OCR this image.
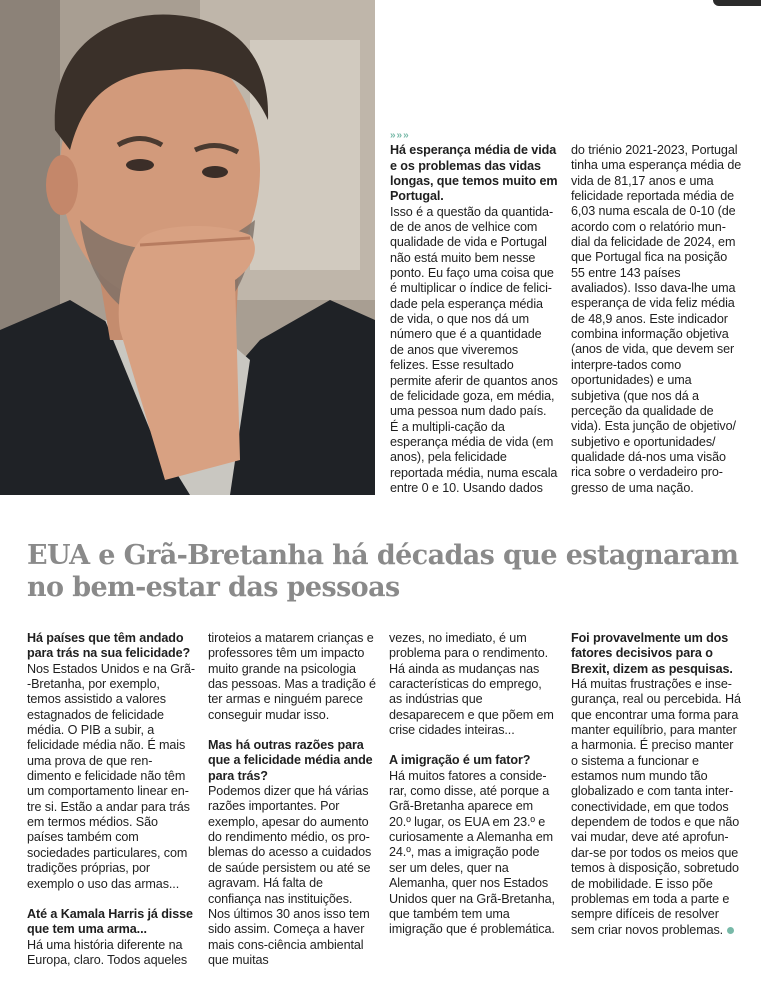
»»»

Há esperança média de vida e os problemas das vidas longas, que temos muito em Portugal.

Isso é a questão da quantida-de de anos de velhice com qualidade de vida e Portugal não está muito bem nesse ponto. Eu faço uma coisa que é multiplicar o índice de felici-dade pela esperança média de vida, o que nos dá um número que é a quantidade de anos que viveremos felizes. Esse resultado permite aferir de quantos anos de felicidade goza, em média, uma pessoa num dado país. É a multipli-cação da esperança média de vida (em anos), pela felicidade reportada média, numa escala entre 0 e 10. Usando dados

do triénio 2021-2023, Portugal tinha uma esperança média de vida de 81,17 anos e uma felicidade reportada média de 6,03 numa escala de 0-10 (de acordo com o relatório mun-dial da felicidade de 2024, em que Portugal fica na posição 55 entre 143 países avaliados). Isso dava-lhe uma esperança de vida feliz média de 48,9 anos. Este indicador combina informação objetiva (anos de vida, que devem ser interpre-tados como oportunidades) e uma subjetiva (que nos dá a perceção da qualidade de vida). Esta junção de objetivo/ subjetivo e oportunidades/ qualidade dá-nos uma visão rica sobre o verdadeiro pro-gresso de uma nação.

EUA e Grã-Bretanha há décadas que estagnaram no bem-estar das pessoas

Há países que têm andado para trás na sua felicidade?

Nos Estados Unidos e na Grã--Bretanha, por exemplo, temos assistido a valores estagnados de felicidade média. O PIB a subir, a felicidade média não. É mais uma prova de que ren-dimento e felicidade não têm um comportamento linear en-tre si. Estão a andar para trás em termos médios. São países também com sociedades particulares, com tradições próprias, por exemplo o uso das armas...

Até a Kamala Harris já disse que tem uma arma...

Há uma história diferente na Europa, claro. Todos aqueles

tiroteios a matarem crianças e professores têm um impacto muito grande na psicologia das pessoas. Mas a tradição é ter armas e ninguém parece conseguir mudar isso.

Mas há outras razões para que a felicidade média ande para trás?

Podemos dizer que há várias razões importantes. Por exemplo, apesar do aumento do rendimento médio, os pro-blemas do acesso a cuidados de saúde persistem ou até se agravam. Há falta de confiança nas instituições. Nos últimos 30 anos isso tem sido assim. Começa a haver mais cons-ciência ambiental que muitas

vezes, no imediato, é um problema para o rendimento. Há ainda as mudanças nas características do emprego, as indústrias que desaparecem e que põem em crise cidades inteiras...

A imigração é um fator?

Há muitos fatores a conside-rar, como disse, até porque a Grã-Bretanha aparece em 20.º lugar, os EUA em 23.º e curiosamente a Alemanha em 24.º, mas a imigração pode ser um deles, quer na Alemanha, quer nos Estados Unidos quer na Grã-Bretanha, que também tem uma imigração que é problemática.

Foi provavelmente um dos fatores decisivos para o Brexit, dizem as pesquisas.

Há muitas frustrações e inse-gurança, real ou percebida. Há que encontrar uma forma para manter equilíbrio, para manter a harmonia. É preciso manter o sistema a funcionar e estamos num mundo tão globalizado e com tanta inter-conectividade, em que todos dependem de todos e que não vai mudar, deve até aprofun-dar-se por todos os meios que temos à disposição, sobretudo de mobilidade. E isso põe problemas em toda a parte e sempre difíceis de resolver sem criar novos problemas.
